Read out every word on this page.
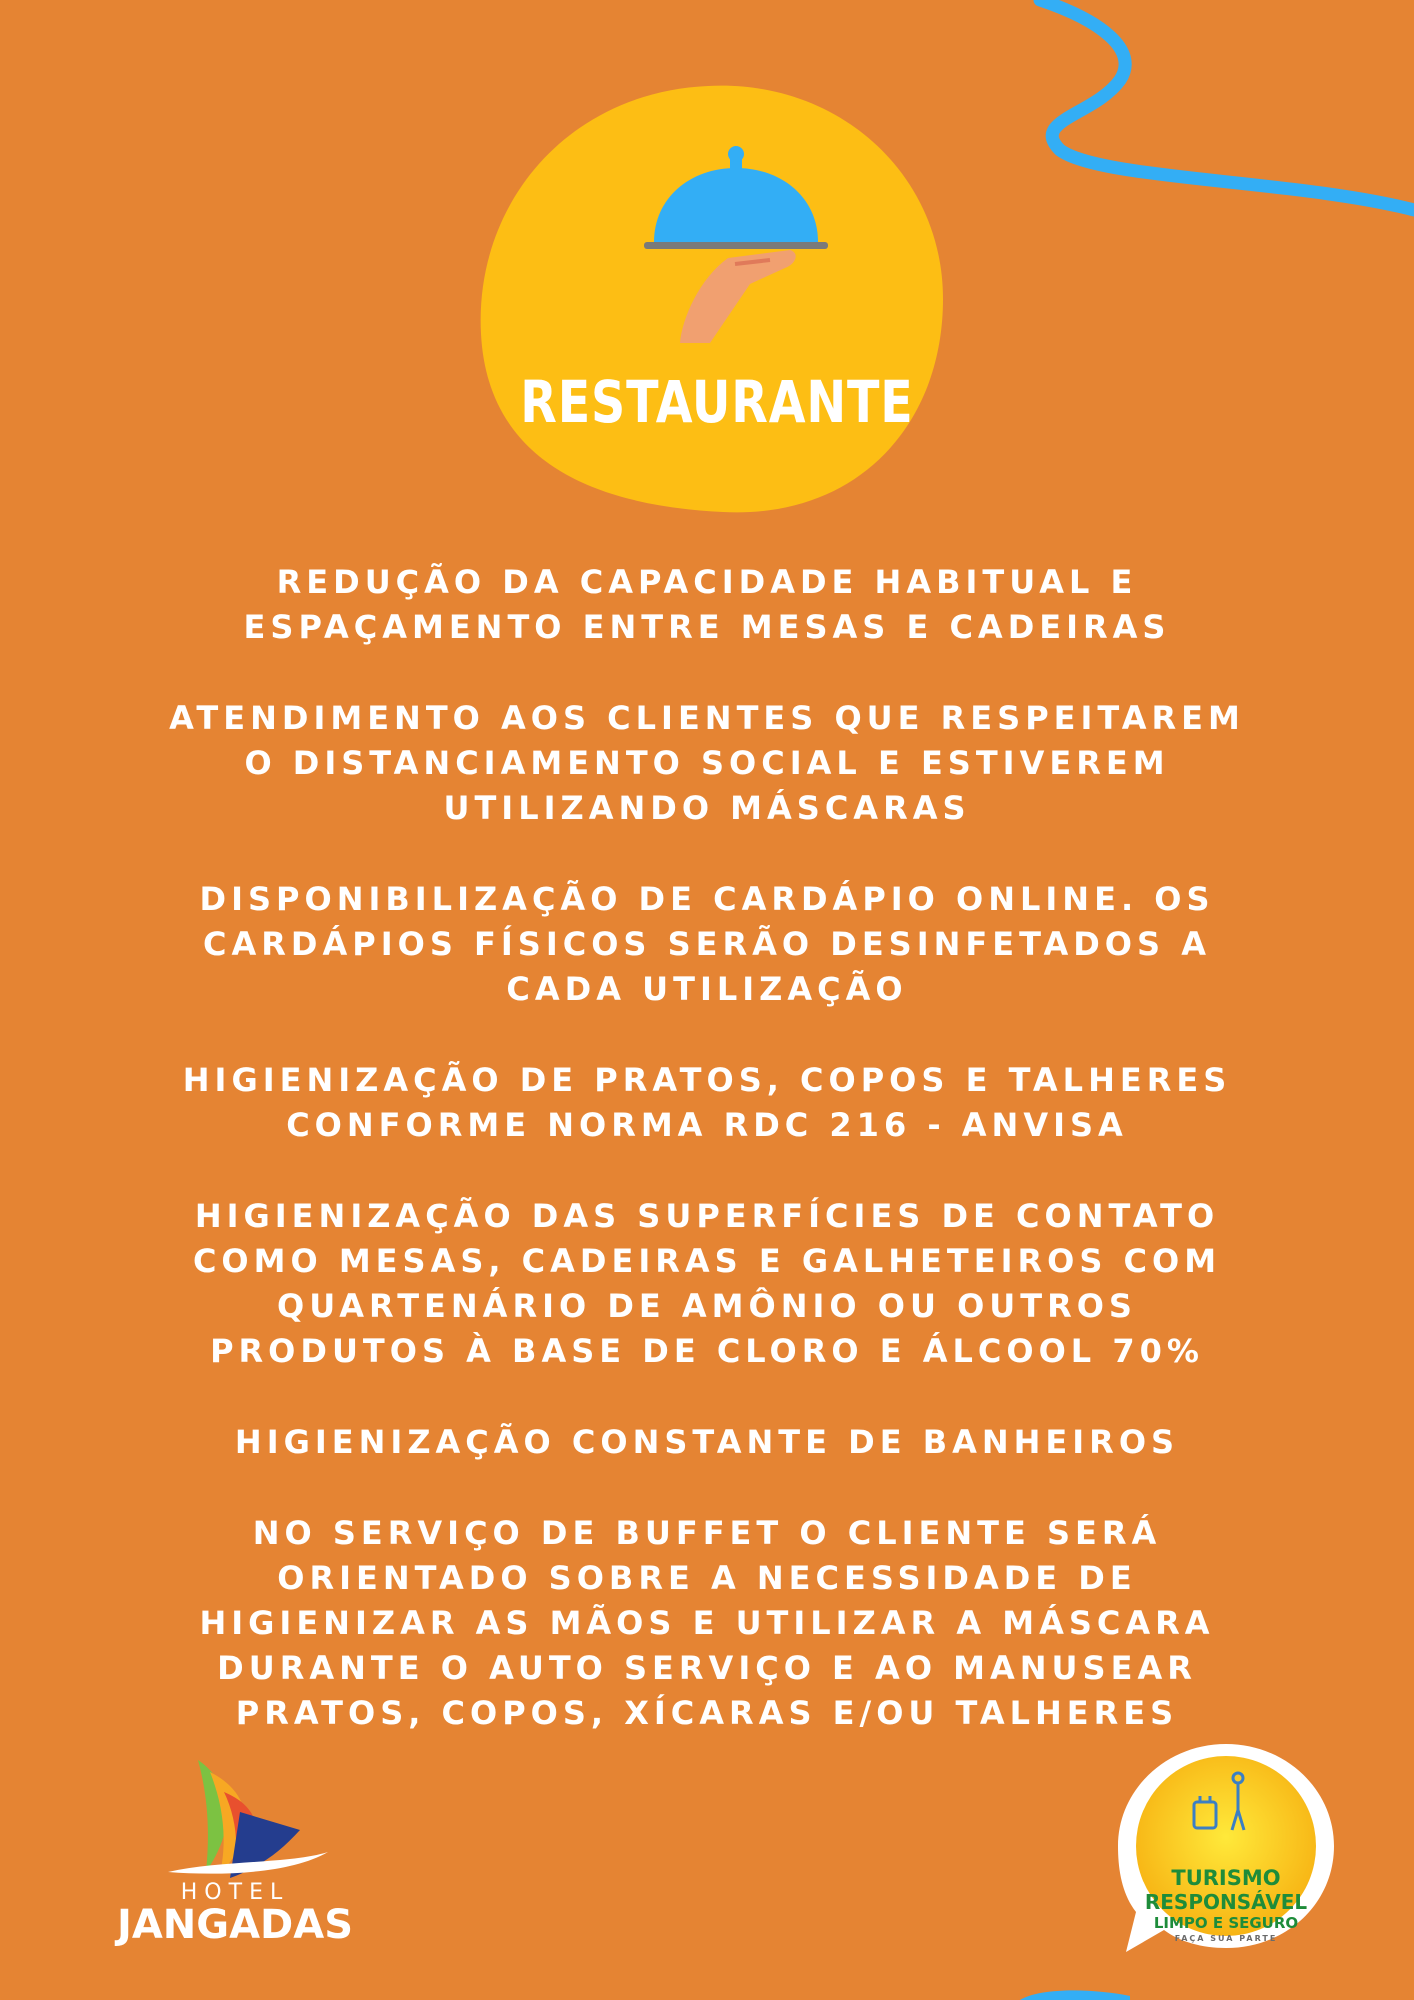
RESTAURANTE

REDUÇÃO DA CAPACIDADE HABITUAL E ESPAÇAMENTO ENTRE MESAS E CADEIRAS

ATENDIMENTO AOS CLIENTES QUE RESPEITAREM O DISTANCIAMENTO SOCIAL E ESTIVEREM UTILIZANDO MÁSCARAS

DISPONIBILIZAÇÃO DE CARDÁPIO ONLINE. OS CARDÁPIOS FÍSICOS SERÃO DESINFETADOS A CADA UTILIZAÇÃO

HIGIENIZAÇÃO DE PRATOS, COPOS E TALHERES CONFORME NORMA RDC 216 - ANVISA

HIGIENIZAÇÃO DAS SUPERFÍCIES DE CONTATO COMO MESAS, CADEIRAS E GALHETEIROS COM QUARTENÁRIO DE AMÔNIO OU OUTROS PRODUTOS À BASE DE CLORO E ÁLCOOL 70%

HIGIENIZAÇÃO CONSTANTE DE BANHEIROS

NO SERVIÇO DE BUFFET O CLIENTE SERÁ ORIENTADO SOBRE A NECESSIDADE DE HIGIENIZAR AS MÃOS E UTILIZAR A MÁSCARA DURANTE O AUTO SERVIÇO E AO MANUSEAR PRATOS, COPOS, XÍCARAS E/OU TALHERES

HOTEL
JANGADAS
TURISMO
RESPONSÁVEL
LIMPO E SEGURO
FAÇA SUA PARTE
